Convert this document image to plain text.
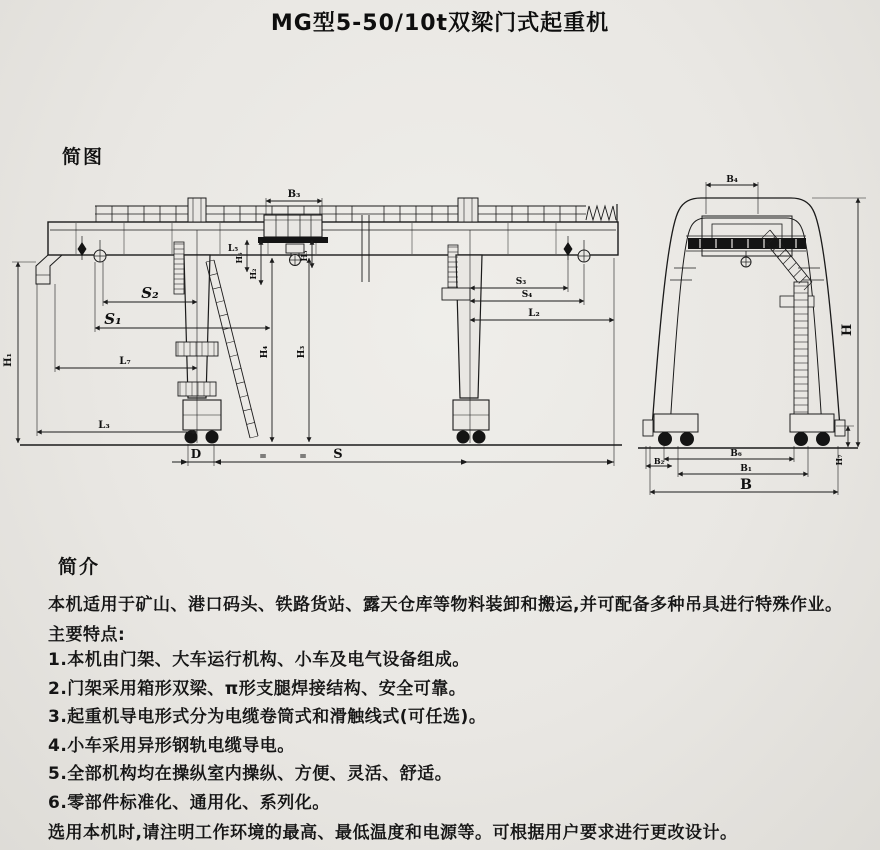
MG型5-50/10t双梁门式起重机
简图
B₃
L₅
S₂
S₁
L₇
L₃
H₁
H₄	H₃
H₆
H₂
H₅
S₃
S₄
L₂
D	S
=	=
B₄
H
B₆
B₁
B
B₂	H₇
简介
本机适用于矿山、港口码头、铁路货站、露天仓库等物料装卸和搬运,并可配备多种吊具进行特殊作业。
主要特点:
1.本机由门架、大车运行机构、小车及电气设备组成。
2.门架采用箱形双梁、π形支腿焊接结构、安全可靠。
3.起重机导电形式分为电缆卷筒式和滑触线式(可任选)。
4.小车采用异形钢轨电缆导电。
5.全部机构均在操纵室内操纵、方便、灵活、舒适。
6.零部件标准化、通用化、系列化。
选用本机时,请注明工作环境的最高、最低温度和电源等。可根据用户要求进行更改设计。
